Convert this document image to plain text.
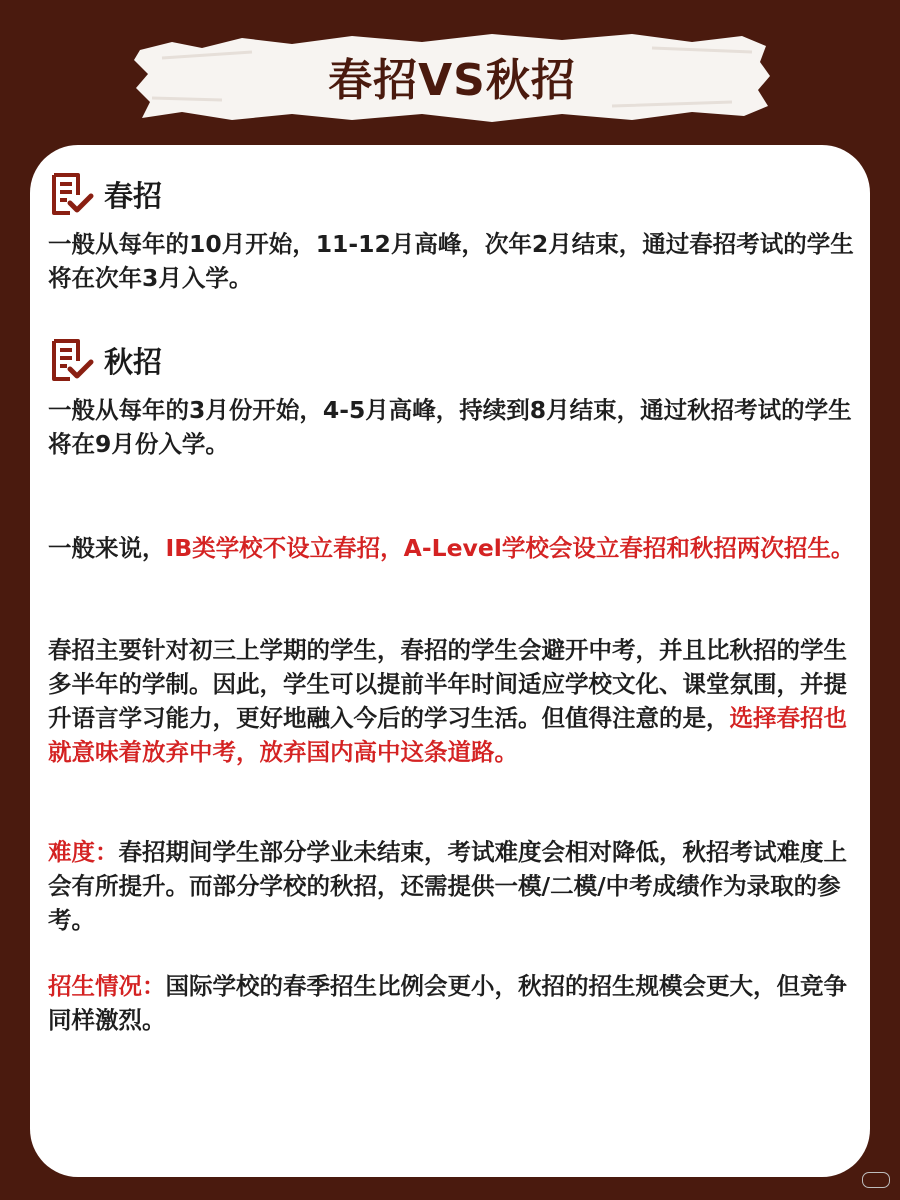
春招VS秋招
春招
一般从每年的10月开始，11-12月高峰，次年2月结束，通过春招考试的学生将在次年3月入学。
秋招
一般从每年的3月份开始，4-5月高峰，持续到8月结束，通过秋招考试的学生将在9月份入学。
一般来说，IB类学校不设立春招，A-Level学校会设立春招和秋招两次招生。
春招主要针对初三上学期的学生，春招的学生会避开中考，并且比秋招的学生多半年的学制。因此，学生可以提前半年时间适应学校文化、课堂氛围，并提升语言学习能力，更好地融入今后的学习生活。但值得注意的是，选择春招也就意味着放弃中考，放弃国内高中这条道路。
难度：春招期间学生部分学业未结束，考试难度会相对降低，秋招考试难度上会有所提升。而部分学校的秋招，还需提供一模/二模/中考成绩作为录取的参考。
招生情况：国际学校的春季招生比例会更小，秋招的招生规模会更大，但竞争同样激烈。
